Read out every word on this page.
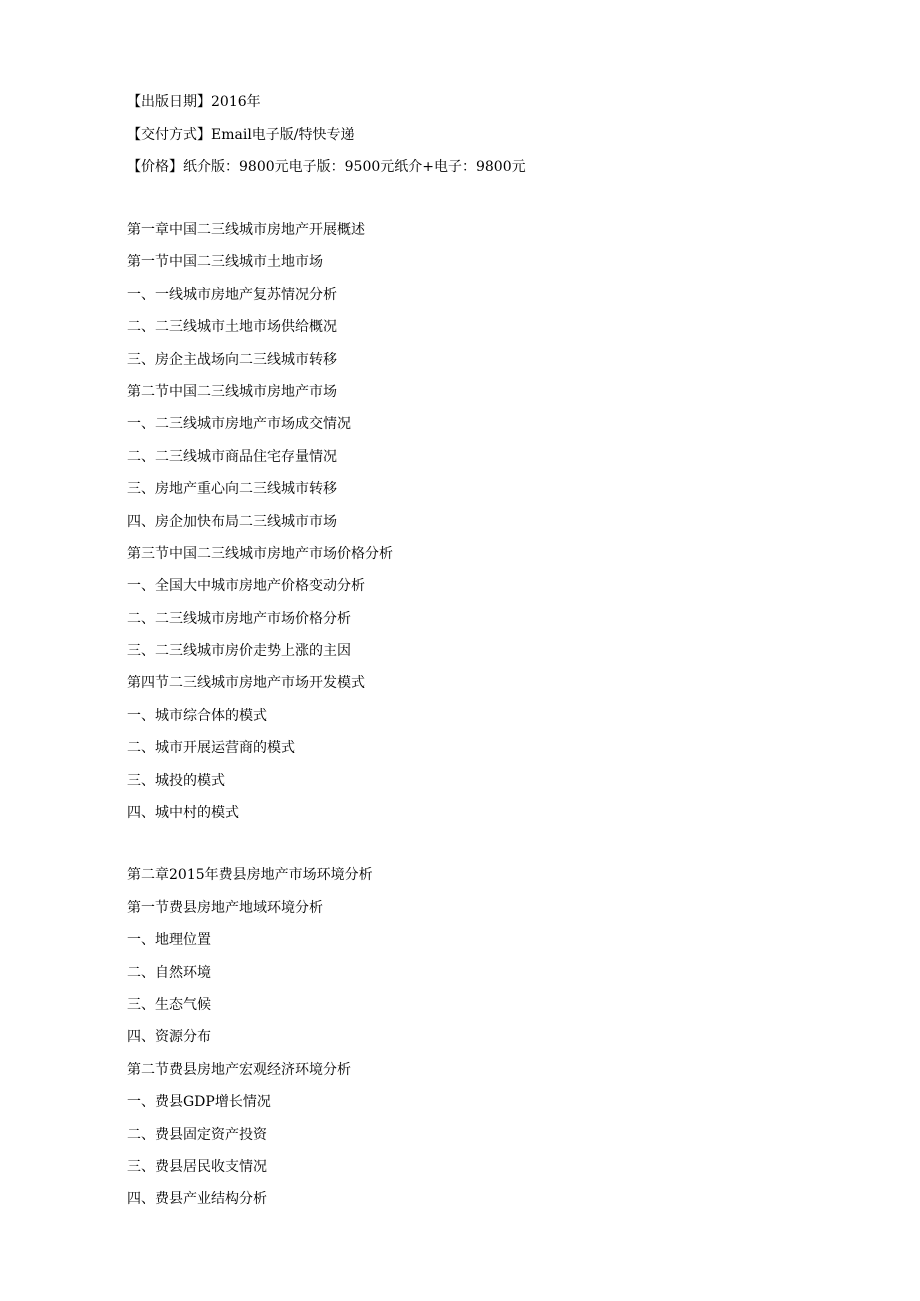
【出版日期】2016年
【交付方式】Email电子版/特快专递
【价格】纸介版：9800元电子版：9500元纸介+电子：9800元
第一章中国二三线城市房地产开展概述
第一节中国二三线城市土地市场
一、一线城市房地产复苏情况分析
二、二三线城市土地市场供给概况
三、房企主战场向二三线城市转移
第二节中国二三线城市房地产市场
一、二三线城市房地产市场成交情况
二、二三线城市商品住宅存量情况
三、房地产重心向二三线城市转移
四、房企加快布局二三线城市市场
第三节中国二三线城市房地产市场价格分析
一、全国大中城市房地产价格变动分析
二、二三线城市房地产市场价格分析
三、二三线城市房价走势上涨的主因
第四节二三线城市房地产市场开发模式
一、城市综合体的模式
二、城市开展运营商的模式
三、城投的模式
四、城中村的模式
第二章2015年费县房地产市场环境分析
第一节费县房地产地域环境分析
一、地理位置
二、自然环境
三、生态气候
四、资源分布
第二节费县房地产宏观经济环境分析
一、费县GDP增长情况
二、费县固定资产投资
三、费县居民收支情况
四、费县产业结构分析
